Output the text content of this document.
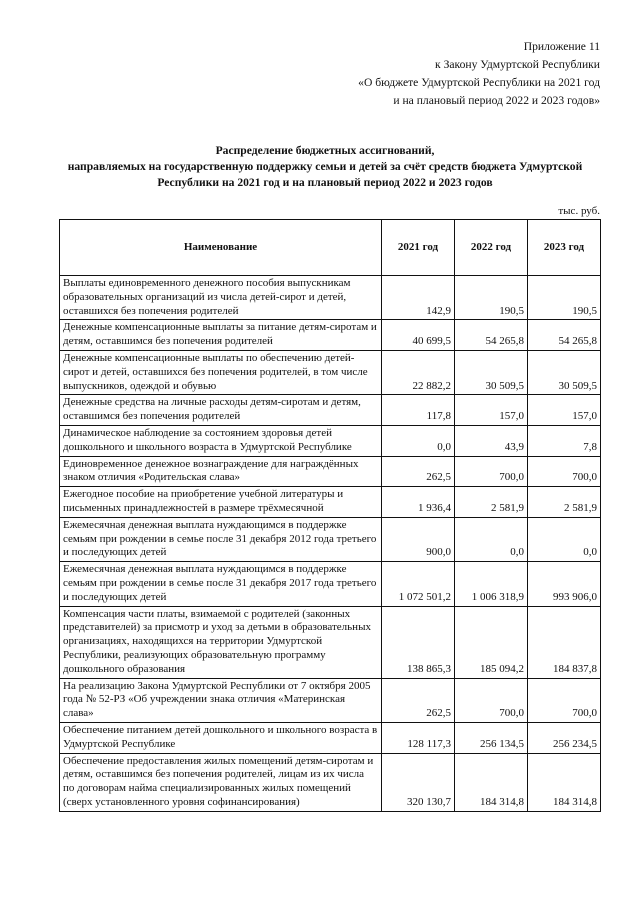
Приложение 11
к Закону Удмуртской Республики
«О бюджете Удмуртской Республики на 2021 год
и на плановый период 2022 и 2023 годов»
Распределение бюджетных ассигнований,
направляемых на государственную поддержку семьи и детей за счёт средств бюджета Удмуртской
Республики на 2021 год и на плановый период 2022 и 2023 годов
тыс. руб.
Наименование	2021 год	2022 год	2023 год
Выплаты единовременного денежного пособия выпускникам образовательных организаций из числа детей-сирот и детей, оставшихся без попечения родителей	142,9	190,5	190,5
Денежные компенсационные выплаты за питание детям-сиротам и детям, оставшимся без попечения родителей	40 699,5	54 265,8	54 265,8
Денежные компенсационные выплаты по обеспечению детей-сирот и детей, оставшихся без попечения родителей, в том числе выпускников, одеждой и обувью	22 882,2	30 509,5	30 509,5
Денежные средства на личные расходы детям-сиротам и детям, оставшимся без попечения родителей	117,8	157,0	157,0
Динамическое наблюдение за состоянием здоровья детей дошкольного и школьного возраста в Удмуртской Республике	0,0	43,9	7,8
Единовременное денежное вознаграждение для награждённых знаком отличия «Родительская слава»	262,5	700,0	700,0
Ежегодное пособие на приобретение учебной литературы и письменных принадлежностей в размере трёхмесячной	1 936,4	2 581,9	2 581,9
Ежемесячная денежная выплата нуждающимся в поддержке семьям при рождении в семье после 31 декабря 2012 года третьего и последующих детей	900,0	0,0	0,0
Ежемесячная денежная выплата нуждающимся в поддержке семьям при рождении в семье после 31 декабря 2017 года третьего и последующих детей	1 072 501,2	1 006 318,9	993 906,0
Компенсация части платы, взимаемой с родителей (законных представителей) за присмотр и уход за детьми в образовательных организациях, находящихся на территории Удмуртской Республики, реализующих образовательную программу дошкольного образования	138 865,3	185 094,2	184 837,8
На реализацию Закона Удмуртской Республики от 7 октября 2005 года № 52-РЗ «Об учреждении знака отличия «Материнская слава»	262,5	700,0	700,0
Обеспечение питанием детей дошкольного и школьного возраста в Удмуртской Республике	128 117,3	256 134,5	256 234,5
Обеспечение предоставления жилых помещений детям-сиротам и детям, оставшимся без попечения родителей, лицам из их числа по договорам найма специализированных жилых помещений (сверх установленного уровня софинансирования)	320 130,7	184 314,8	184 314,8
